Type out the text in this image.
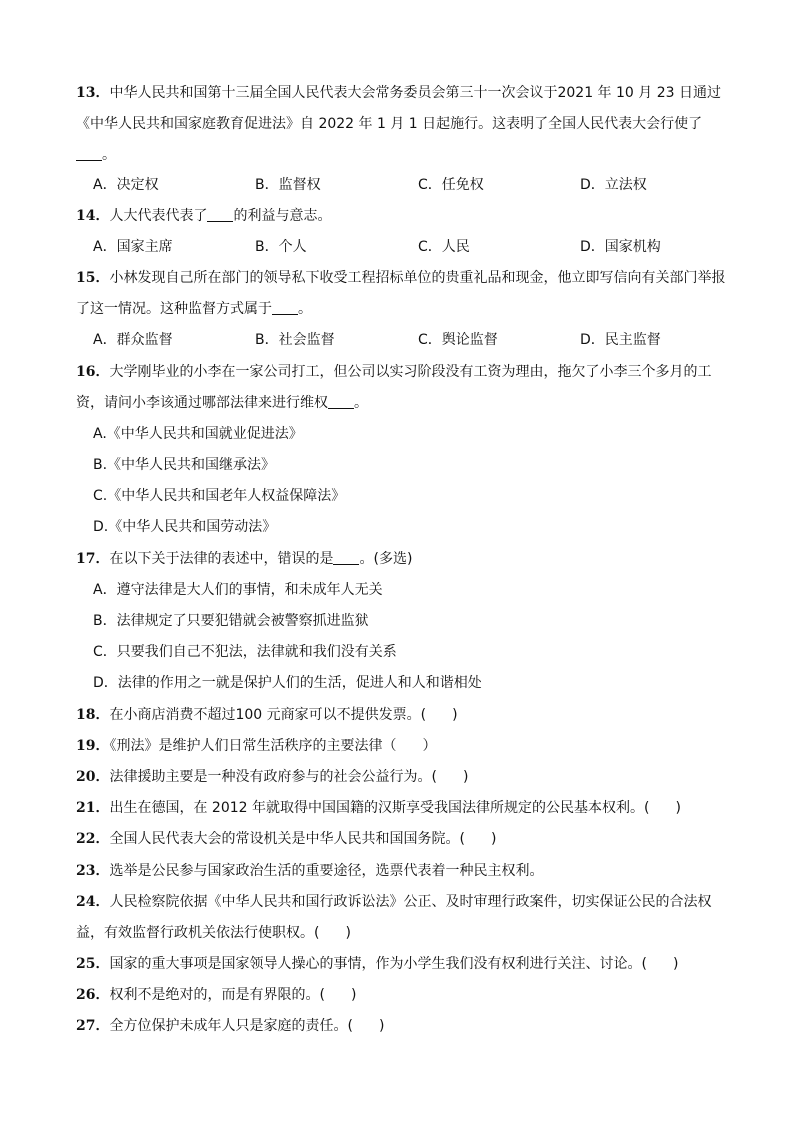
13．中华人民共和国第十三届全国人民代表大会常务委员会第三十一次会议于2021 年 10 月 23 日通过《中华人民共和国家庭教育促进法》自 2022 年 1 月 1 日起施行。这表明了全国人民代表大会行使了。
A．决定权	B．监督权	C．任免权	D．立法权
14．人大代表代表了 的利益与意志。
A．国家主席	B．个人	C．人民	D．国家机构
15．小林发现自己所在部门的领导私下收受工程招标单位的贵重礼品和现金，他立即写信向有关部门举报了这一情况。这种监督方式属于 。
A．群众监督	B．社会监督	C．舆论监督	D．民主监督
16．大学刚毕业的小李在一家公司打工，但公司以实习阶段没有工资为理由，拖欠了小李三个多月的工资，请问小李该通过哪部法律来进行维权 。
A.《中华人民共和国就业促进法》
B.《中华人民共和国继承法》
C.《中华人民共和国老年人权益保障法》
D.《中华人民共和国劳动法》
17．在以下关于法律的表述中，错误的是 。(多选)
A．遵守法律是大人们的事情，和未成年人无关
B．法律规定了只要犯错就会被警察抓进监狱
C．只要我们自己不犯法，法律就和我们没有关系
D．法律的作用之一就是保护人们的生活，促进人和人和谐相处
18．在小商店消费不超过100 元商家可以不提供发票。( )
19．《刑法》是维护人们日常生活秩序的主要法律（ ）
20．法律援助主要是一种没有政府参与的社会公益行为。( )
21．出生在德国，在 2012 年就取得中国国籍的汉斯享受我国法律所规定的公民基本权利。( )
22．全国人民代表大会的常设机关是中华人民共和国国务院。( )
23．选举是公民参与国家政治生活的重要途径，选票代表着一种民主权利。
24．人民检察院依据《中华人民共和国行政诉讼法》公正、及时审理行政案件，切实保证公民的合法权益，有效监督行政机关依法行使职权。( )
25．国家的重大事项是国家领导人操心的事情，作为小学生我们没有权利进行关注、讨论。( )
26．权利不是绝对的，而是有界限的。( )
27．全方位保护未成年人只是家庭的责任。( )
